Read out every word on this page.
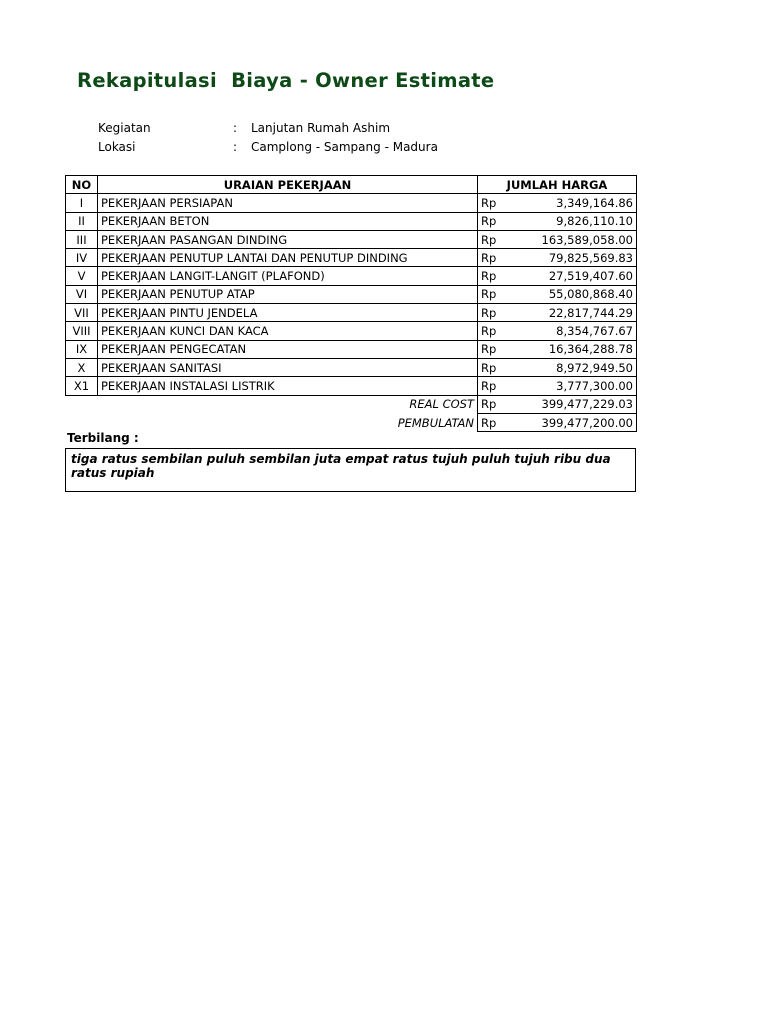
Rekapitulasi  Biaya - Owner Estimate
Kegiatan	: Lanjutan Rumah Ashim
Lokasi	: Camplong - Sampang - Madura
NO	URAIAN PEKERJAAN	JUMLAH HARGA	
I	PEKERJAAN PERSIAPAN	Rp	3,349,164.86
II	PEKERJAAN BETON	Rp	9,826,110.10
III	PEKERJAAN PASANGAN DINDING	Rp	163,589,058.00
IV	PEKERJAAN PENUTUP LANTAI DAN PENUTUP DINDING	Rp	79,825,569.83
V	PEKERJAAN LANGIT-LANGIT (PLAFOND)	Rp	27,519,407.60
VI	PEKERJAAN PENUTUP ATAP	Rp	55,080,868.40
VII	PEKERJAAN PINTU JENDELA	Rp	22,817,744.29
VIII	PEKERJAAN KUNCI DAN KACA	Rp	8,354,767.67
IX	PEKERJAAN PENGECATAN	Rp	16,364,288.78
X	PEKERJAAN SANITASI	Rp	8,972,949.50
X1	PEKERJAAN INSTALASI LISTRIK	Rp	3,777,300.00
	REAL COST	Rp	399,477,229.03
	PEMBULATAN	Rp	399,477,200.00
Terbilang :
tiga ratus sembilan puluh sembilan juta empat ratus tujuh puluh tujuh ribu dua ratus rupiah
